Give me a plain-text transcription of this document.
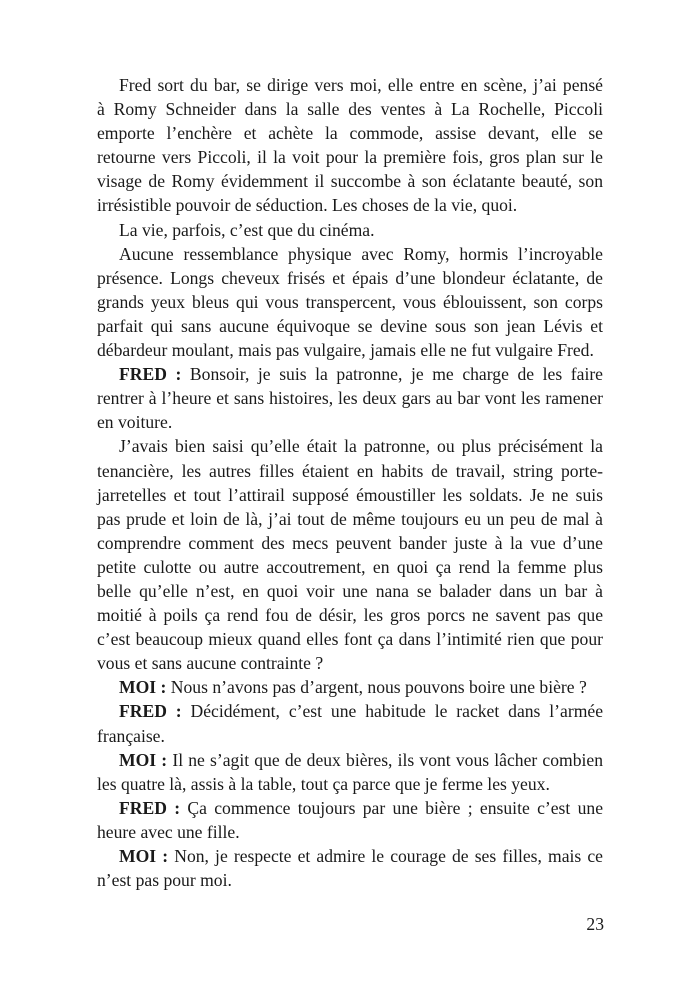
Fred sort du bar, se dirige vers moi, elle entre en scène, j’ai pensé
à Romy Schneider dans la salle des ventes à La Rochelle, Piccoli
emporte l’enchère et achète la commode, assise devant, elle se
retourne vers Piccoli, il la voit pour la première fois, gros plan sur le
visage de Romy évidemment il succombe à son éclatante beauté, son
irrésistible pouvoir de séduction. Les choses de la vie, quoi.
La vie, parfois, c’est que du cinéma.
Aucune ressemblance physique avec Romy, hormis l’incroyable
présence. Longs cheveux frisés et épais d’une blondeur éclatante, de
grands yeux bleus qui vous transpercent, vous éblouissent, son corps
parfait qui sans aucune équivoque se devine sous son jean Lévis et
débardeur moulant, mais pas vulgaire, jamais elle ne fut vulgaire Fred.
FRED : Bonsoir, je suis la patronne, je me charge de les faire
rentrer à l’heure et sans histoires, les deux gars au bar vont les ramener
en voiture.
J’avais bien saisi qu’elle était la patronne, ou plus précisément la
tenancière, les autres filles étaient en habits de travail, string porte-
jarretelles et tout l’attirail supposé émoustiller les soldats. Je ne suis
pas prude et loin de là, j’ai tout de même toujours eu un peu de mal à
comprendre comment des mecs peuvent bander juste à la vue d’une
petite culotte ou autre accoutrement, en quoi ça rend la femme plus
belle qu’elle n’est, en quoi voir une nana se balader dans un bar à
moitié à poils ça rend fou de désir, les gros porcs ne savent pas que
c’est beaucoup mieux quand elles font ça dans l’intimité rien que pour
vous et sans aucune contrainte ?
MOI : Nous n’avons pas d’argent, nous pouvons boire une bière ?
FRED : Décidément, c’est une habitude le racket dans l’armée
française.
MOI : Il ne s’agit que de deux bières, ils vont vous lâcher combien
les quatre là, assis à la table, tout ça parce que je ferme les yeux.
FRED : Ça commence toujours par une bière ; ensuite c’est une
heure avec une fille.
MOI : Non, je respecte et admire le courage de ses filles, mais ce
n’est pas pour moi.
23
